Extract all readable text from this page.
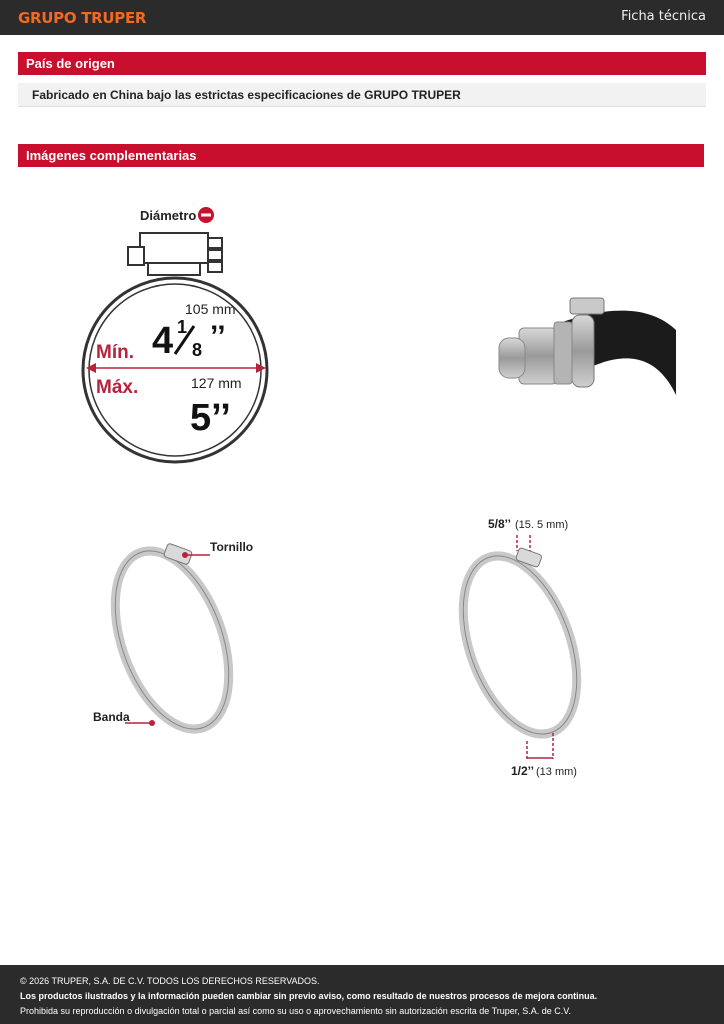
GRUPO TRUPER	Ficha técnica
País de origen
Fabricado en China bajo las estrictas especificaciones de GRUPO TRUPER
Imágenes complementarias
Diámetro
105 mm
Mín. 4 1
8 ’’
Máx.	127 mm
5’’
Tornillo
Banda
5/8’’ (15. 5 mm)
1/2’’ (13 mm)
© 2026 TRUPER, S.A. DE C.V. TODOS LOS DERECHOS RESERVADOS.
Los productos ilustrados y la información pueden cambiar sin previo aviso, como resultado de nuestros procesos de mejora continua.
Prohibida su reproducción o divulgación total o parcial así como su uso o aprovechamiento sin autorización escrita de Truper, S.A. de C.V.
